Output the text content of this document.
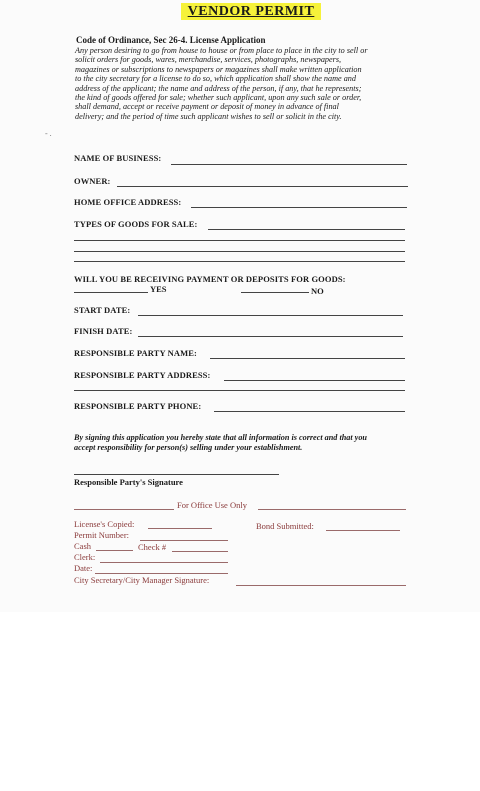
VENDOR PERMIT
Code of Ordinance, Sec 26-4. License Application
Any person desiring to go from house to house or from place to place in the city to sell or
solicit orders for goods, wares, merchandise, services, photographs, newspapers,
magazines or subscriptions to newspapers or magazines shall make written application
to the city secretary for a license to do so, which application shall show the name and
address of the applicant; the name and address of the person, if any, that he represents;
the kind of goods offered for sale; whether such applicant, upon any such sale or order,
shall demand, accept or receive payment or deposit of money in advance of final
delivery; and the period of time such applicant wishes to sell or solicit in the city.
- .
NAME OF BUSINESS:
OWNER:
HOME OFFICE ADDRESS:
TYPES OF GOODS FOR SALE:
WILL YOU BE RECEIVING PAYMENT OR DEPOSITS FOR GOODS:
YES	NO
START DATE:
FINISH DATE:
RESPONSIBLE PARTY NAME:
RESPONSIBLE PARTY ADDRESS:
RESPONSIBLE PARTY PHONE:
By signing this application you hereby state that all information is correct and that you
accept responsibility for person(s) selling under your establishment.
Responsible Party's Signature
For Office Use Only
License's Copied:	Bond Submitted:
Permit Number:
Cash	Check #
Clerk:
Date:
City Secretary/City Manager Signature:
